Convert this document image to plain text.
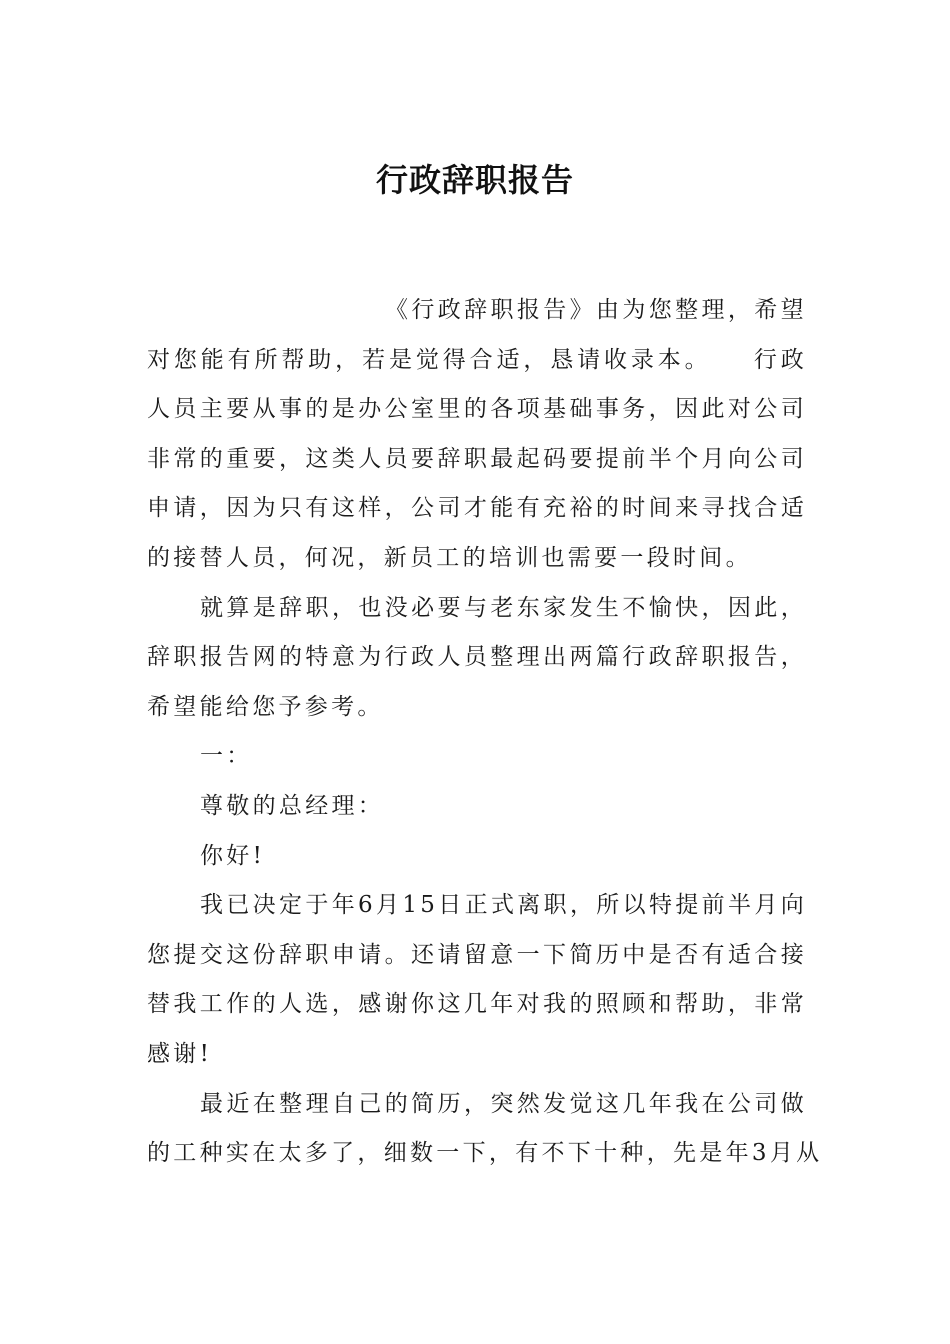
行政辞职报告
《行政辞职报告》由为您整理，希望
对您能有所帮助，若是觉得合适，恳请收录本。　　行政
人员主要从事的是办公室里的各项基础事务，因此对公司
非常的重要，这类人员要辞职最起码要提前半个月向公司
申请，因为只有这样，公司才能有充裕的时间来寻找合适
的接替人员，何况，新员工的培训也需要一段时间。
就算是辞职，也没必要与老东家发生不愉快，因此，
辞职报告网的特意为行政人员整理出两篇行政辞职报告，
希望能给您予参考。
一：
尊敬的总经理：
你好!
我已决定于年6月15日正式离职，所以特提前半月向
您提交这份辞职申请。还请留意一下简历中是否有适合接
替我工作的人选，感谢你这几年对我的照顾和帮助，非常
感谢!
最近在整理自己的简历，突然发觉这几年我在公司做
的工种实在太多了，细数一下，有不下十种，先是年3月从
